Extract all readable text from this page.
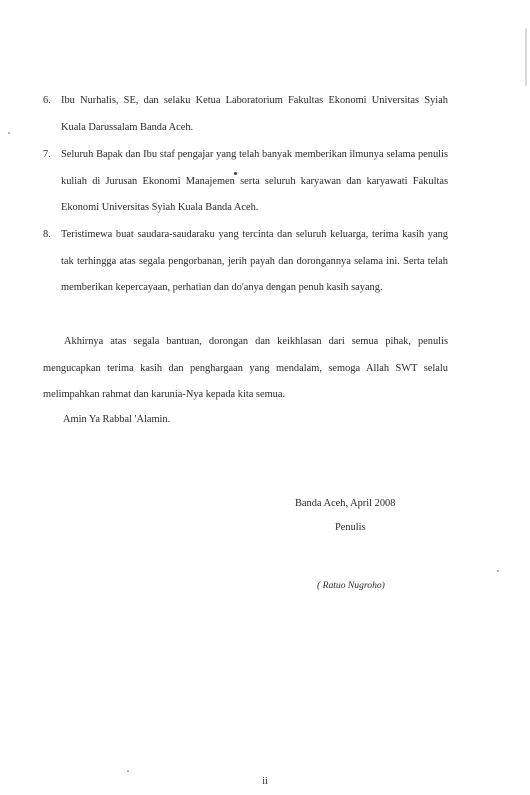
6. Ibu Nurhalis, SE, dan selaku Ketua Laboratorium Fakultas Ekonomi Universitas Syiah Kuala Darussalam Banda Aceh.
7. Seluruh Bapak dan Ibu staf pengajar yang telah banyak memberikan ilmunya selama penulis kuliah di Jurusan Ekonomi Manajemen serta seluruh karyawan dan karyawati Fakultas Ekonomi Universitas Syiah Kuala Banda Aceh.
8. Teristimewa buat saudara-saudaraku yang tercinta dan seluruh keluarga, terima kasih yang tak terhingga atas segala pengorbanan, jerih payah dan dorongannya selama ini. Serta telah memberikan kepercayaan, perhatian dan do'anya dengan penuh kasih sayang.
Akhirnya atas segala bantuan, dorongan dan keikhlasan dari semua pihak, penulis mengucapkan terima kasih dan penghargaan yang mendalam, semoga Allah SWT selalu melimpahkan rahmat dan karunia-Nya kepada kita semua.
Amin Ya Rabbal 'Alamin.
Banda Aceh, April 2008
Penulis
( Ratuo Nugroho)
ii
